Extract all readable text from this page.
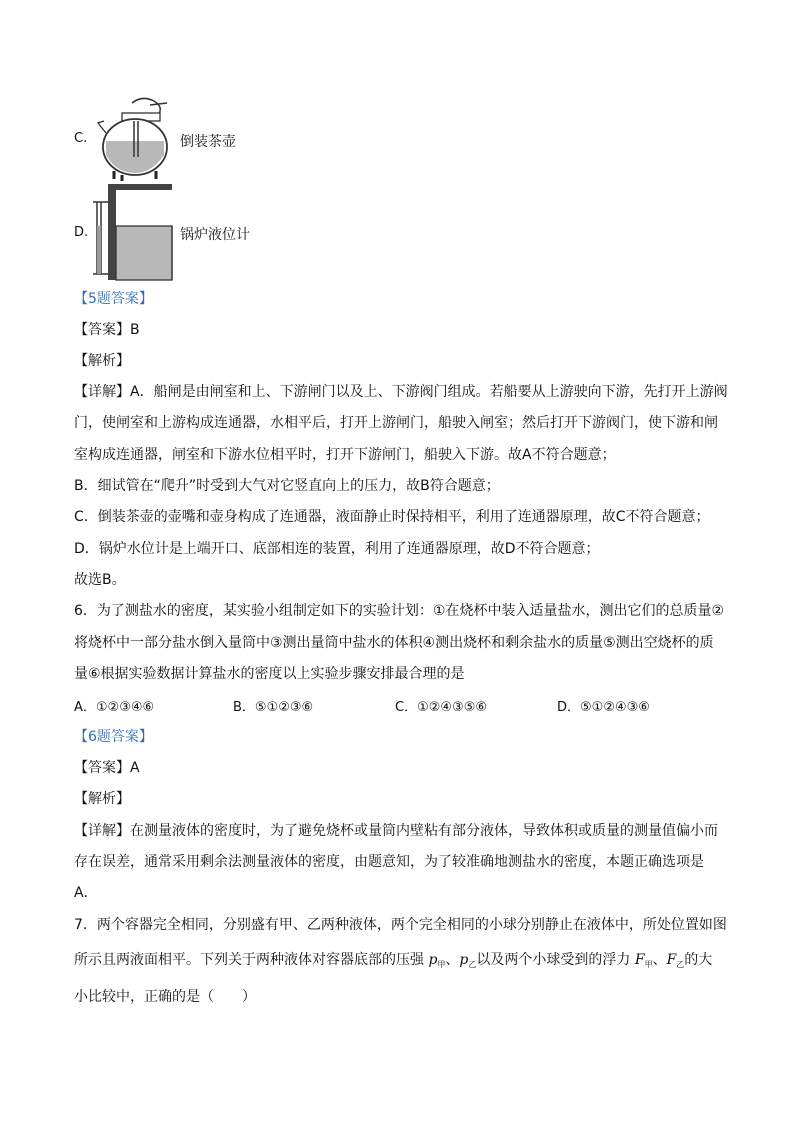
C.	倒装茶壶
D.	锅炉液位计
【5题答案】
【答案】B
【解析】
【详解】A．船闸是由闸室和上、下游闸门以及上、下游阀门组成。若船要从上游驶向下游，先打开上游阀
门，使闸室和上游构成连通器，水相平后，打开上游闸门，船驶入闸室；然后打开下游阀门，使下游和闸
室构成连通器，闸室和下游水位相平时，打开下游闸门，船驶入下游。故A不符合题意；
B．细试管在“爬升”时受到大气对它竖直向上的压力，故B符合题意；
C．倒装茶壶的壶嘴和壶身构成了连通器，液面静止时保持相平，利用了连通器原理，故C不符合题意；
D．锅炉水位计是上端开口、底部相连的装置，利用了连通器原理，故D不符合题意；
故选B。
6．为了测盐水的密度，某实验小组制定如下的实验计划：①在烧杯中装入适量盐水，测出它们的总质量②
将烧杯中一部分盐水倒入量筒中③测出量筒中盐水的体积④测出烧杯和剩余盐水的质量⑤测出空烧杯的质
量⑥根据实验数据计算盐水的密度以上实验步骤安排最合理的是
A．①②③④⑥	B．⑤①②③⑥	C．①②④③⑤⑥	D．⑤①②④③⑥
【6题答案】
【答案】A
【解析】
【详解】在测量液体的密度时，为了避免烧杯或量筒内壁粘有部分液体，导致体积或质量的测量值偏小而
存在误差，通常采用剩余法测量液体的密度，由题意知，为了较准确地测盐水的密度，本题正确选项是
A．
7．两个容器完全相同，分别盛有甲、乙两种液体，两个完全相同的小球分别静止在液体中，所处位置如图
所示且两液面相平。下列关于两种液体对容器底部的压强 $p_甲$、$p_乙$以及两个小球受到的浮力 $F_甲$、$F_乙$的大
小比较中，正确的是（　　）
